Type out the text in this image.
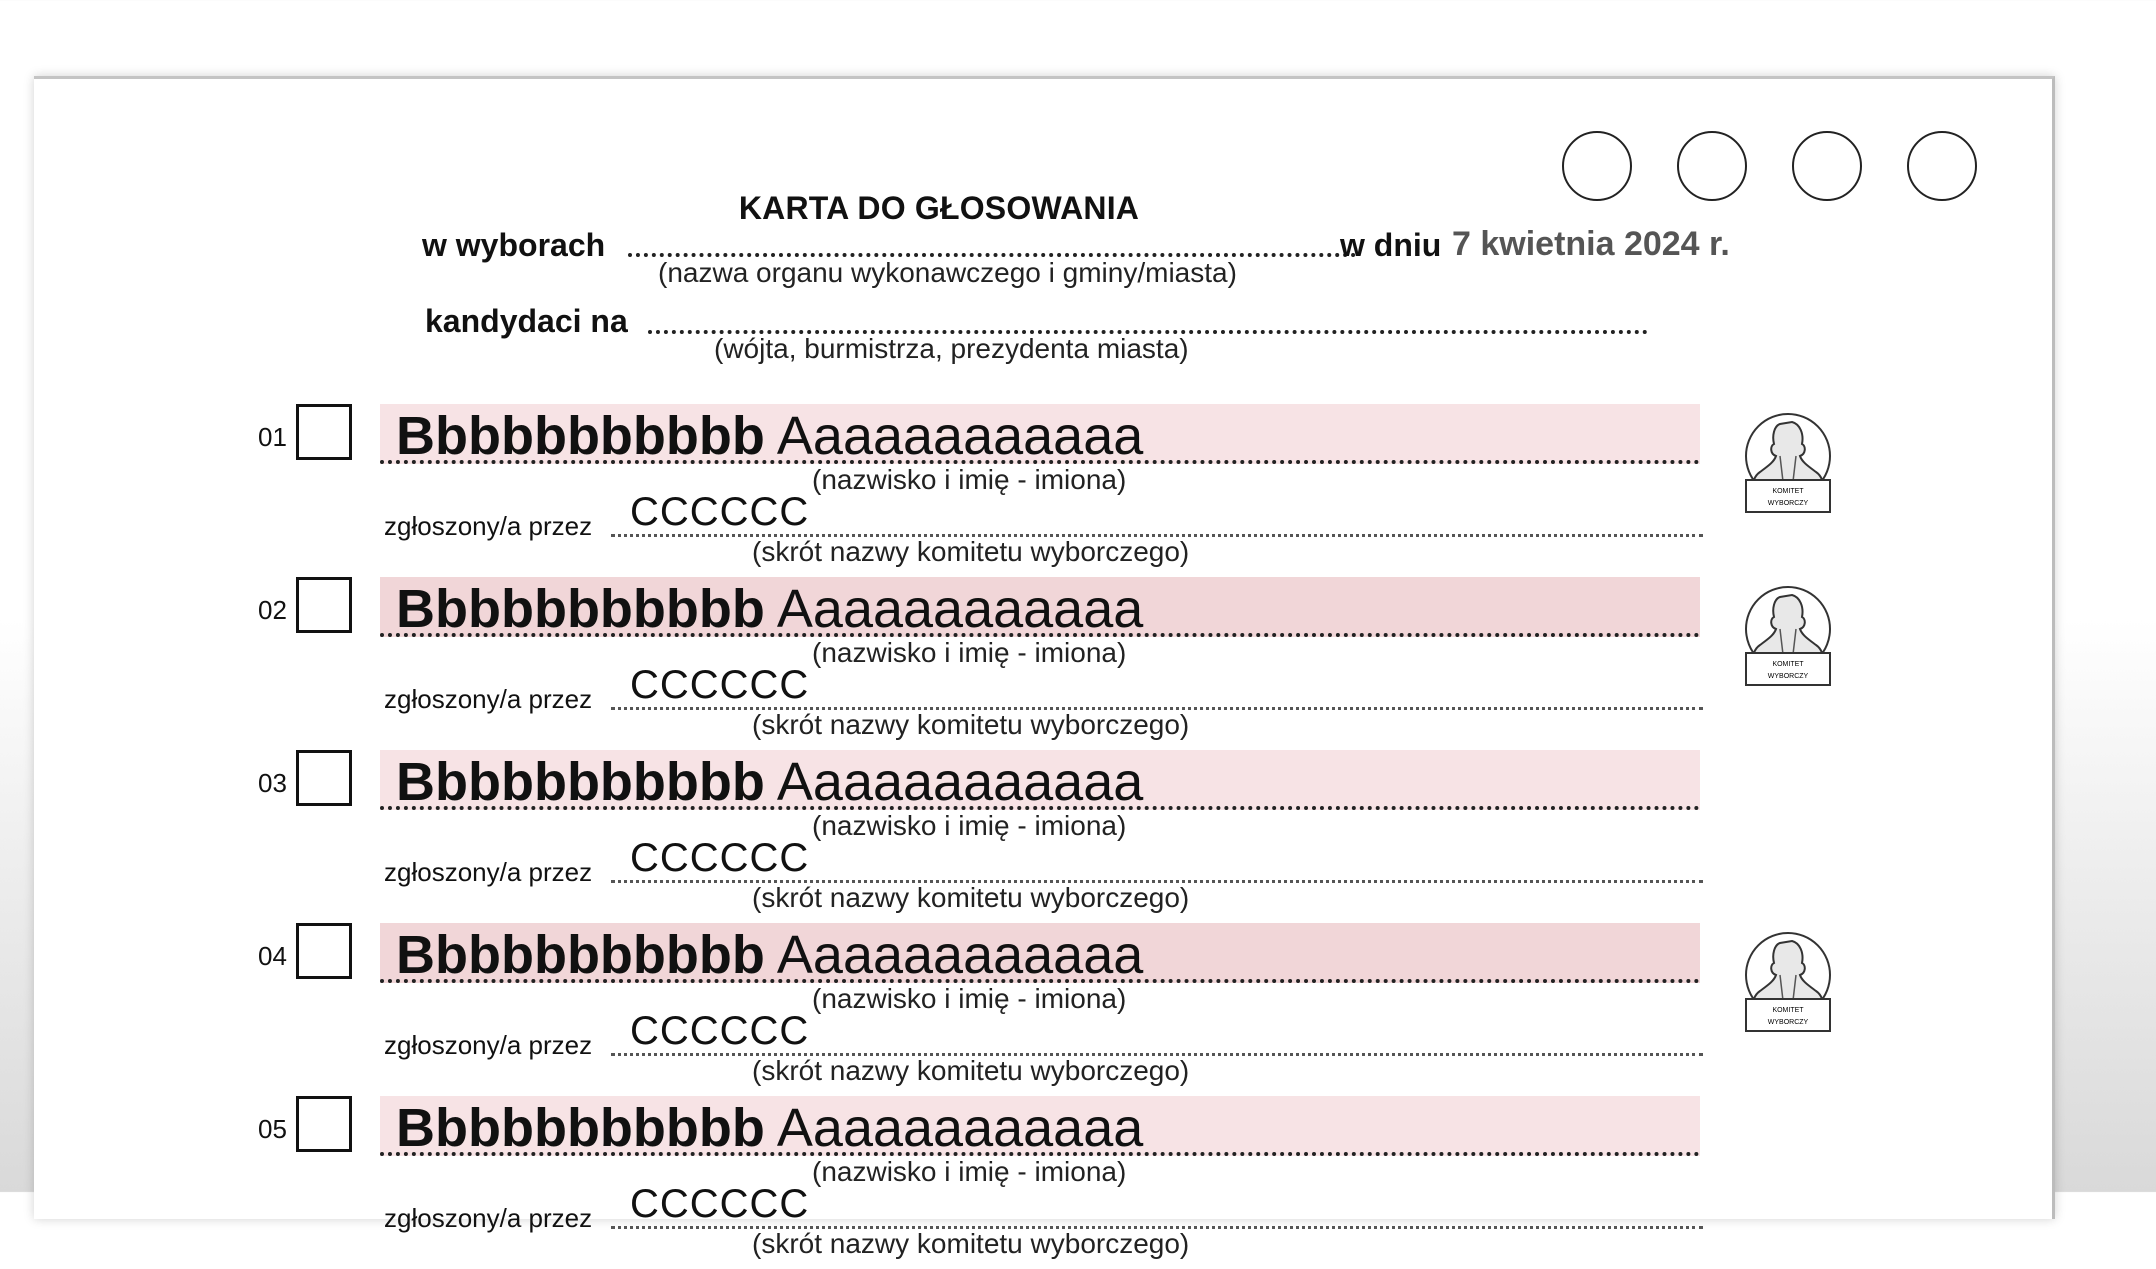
KARTA DO GŁOSOWANIA
w wyborach
(nazwa organu wykonawczego i gminy/miasta)
w dniu 7 kwietnia 2024 r.
kandydaci na
(wójta, burmistrza, prezydenta miasta)
01 Bbbbbbbbbbb Aaaaaaaaaaaa
(nazwisko i imię - imiona)
zgłoszony/a przez CCCCCC
(skrót nazwy komitetu wyborczego)
KOMITET
WYBORCZY
02 Bbbbbbbbbbb Aaaaaaaaaaaa
(nazwisko i imię - imiona)
zgłoszony/a przez CCCCCC
(skrót nazwy komitetu wyborczego)
KOMITET
WYBORCZY
03 Bbbbbbbbbbb Aaaaaaaaaaaa
(nazwisko i imię - imiona)
zgłoszony/a przez CCCCCC
(skrót nazwy komitetu wyborczego)
04 Bbbbbbbbbbb Aaaaaaaaaaaa
(nazwisko i imię - imiona)
zgłoszony/a przez CCCCCC
(skrót nazwy komitetu wyborczego)
KOMITET
WYBORCZY
05 Bbbbbbbbbbb Aaaaaaaaaaaa
(nazwisko i imię - imiona)
zgłoszony/a przez CCCCCC
(skrót nazwy komitetu wyborczego)
